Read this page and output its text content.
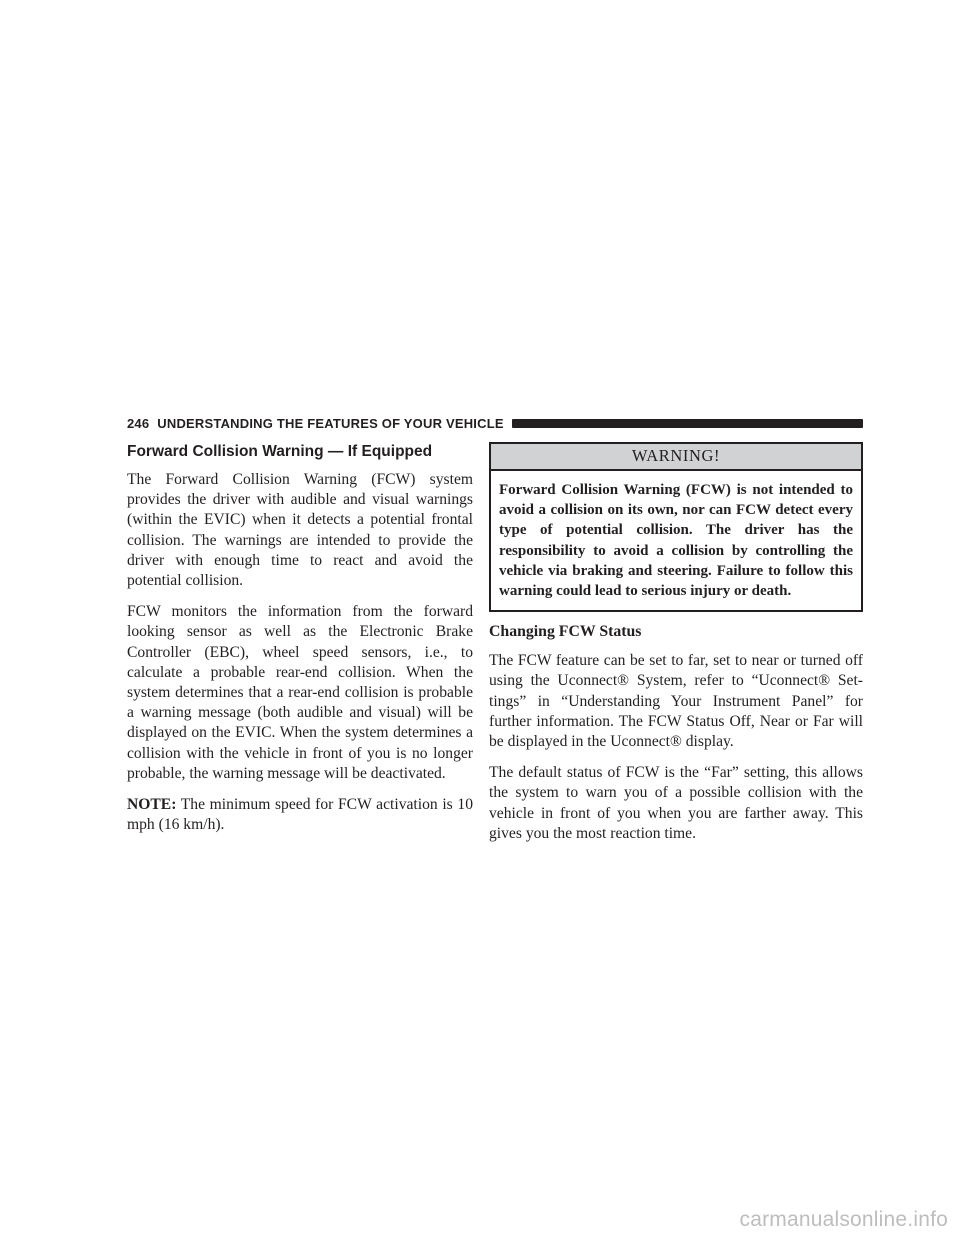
246 UNDERSTANDING THE FEATURES OF YOUR VEHICLE
Forward Collision Warning — If Equipped

The Forward Collision Warning (FCW) system provides the driver with audible and visual warnings (within the EVIC) when it detects a potential frontal collision. The warnings are intended to provide the driver with enough time to react and avoid the potential collision.

FCW monitors the information from the forward looking sensor as well as the Electronic Brake Controller (EBC), wheel speed sensors, i.e., to calculate a probable rear-end collision. When the system determines that a rear-end collision is probable a warning message (both audible and visual) will be displayed on the EVIC. When the system determines a collision with the vehicle in front of you is no longer probable, the warning message will be deactivated.

NOTE: The minimum speed for FCW activation is 10 mph (16 km/h).

WARNING!

Forward Collision Warning (FCW) is not intended to avoid a collision on its own, nor can FCW detect every type of potential collision. The driver has the responsibility to avoid a collision by controlling the vehicle via braking and steering. Failure to follow this warning could lead to serious injury or death.

Changing FCW Status

The FCW feature can be set to far, set to near or turned off using the Uconnect® System, refer to “Uconnect® Set- tings” in “Understanding Your Instrument Panel” for further information. The FCW Status Off, Near or Far will be displayed in the Uconnect® display.

The default status of FCW is the “Far” setting, this allows the system to warn you of a possible collision with the vehicle in front of you when you are farther away. This gives you the most reaction time.

carmanualsonline.info
